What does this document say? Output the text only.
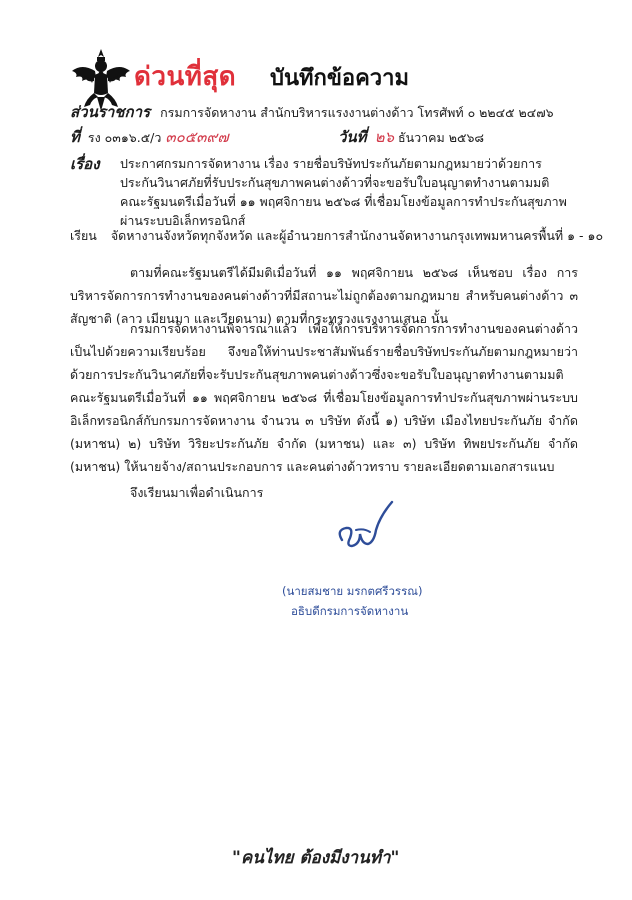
ด่วนที่สุด บันทึกข้อความ
ส่วนราชการ กรมการจัดหางาน สำนักบริหารแรงงานต่างด้าว โทรศัพท์ ๐ ๒๒๔๕ ๒๔๗๖
ที่ รง ๐๓๑๖.๕/ว ๓๐๕๓๙๗	วันที่ ๒๖ ธันวาคม ๒๕๖๘
เรื่อง ประกาศกรมการจัดหางาน เรื่อง รายชื่อบริษัทประกันภัยตามกฎหมายว่าด้วยการประกันวินาศภัยที่รับประกันสุขภาพคนต่างด้าวที่จะขอรับใบอนุญาตทำงานตามมติคณะรัฐมนตรีเมื่อวันที่ ๑๑ พฤศจิกายน ๒๕๖๘ ที่เชื่อมโยงข้อมูลการทำประกันสุขภาพผ่านระบบอิเล็กทรอนิกส์
เรียน จัดหางานจังหวัดทุกจังหวัด และผู้อำนวยการสำนักงานจัดหางานกรุงเทพมหานครพื้นที่ ๑ - ๑๐
ตามที่คณะรัฐมนตรีได้มีมติเมื่อวันที่ ๑๑ พฤศจิกายน ๒๕๖๘ เห็นชอบ เรื่อง การบริหารจัดการการทำงานของคนต่างด้าวที่มีสถานะไม่ถูกต้องตามกฎหมาย สำหรับคนต่างด้าว ๓ สัญชาติ (ลาว เมียนมา และเวียดนาม) ตามที่กระทรวงแรงงานเสนอ นั้น
กรมการจัดหางานพิจารณาแล้ว เพื่อให้การบริหารจัดการการทำงานของคนต่างด้าวเป็นไปด้วยความเรียบร้อย จึงขอให้ท่านประชาสัมพันธ์รายชื่อบริษัทประกันภัยตามกฎหมายว่าด้วยการประกันวินาศภัยที่จะรับประกันสุขภาพคนต่างด้าวซึ่งจะขอรับใบอนุญาตทำงานตามมติคณะรัฐมนตรีเมื่อวันที่ ๑๑ พฤศจิกายน ๒๕๖๘ ที่เชื่อมโยงข้อมูลการทำประกันสุขภาพผ่านระบบอิเล็กทรอนิกส์กับกรมการจัดหางาน จำนวน ๓ บริษัท ดังนี้ ๑) บริษัท เมืองไทยประกันภัย จำกัด (มหาชน) ๒) บริษัท วิริยะประกันภัย จำกัด (มหาชน) และ ๓) บริษัท ทิพยประกันภัย จำกัด (มหาชน) ให้นายจ้าง/สถานประกอบการ และคนต่างด้าวทราบ รายละเอียดตามเอกสารแนบ
จึงเรียนมาเพื่อดำเนินการ
(นายสมชาย มรกตศรีวรรณ)
อธิบดีกรมการจัดหางาน
"คนไทย ต้องมีงานทำ"
